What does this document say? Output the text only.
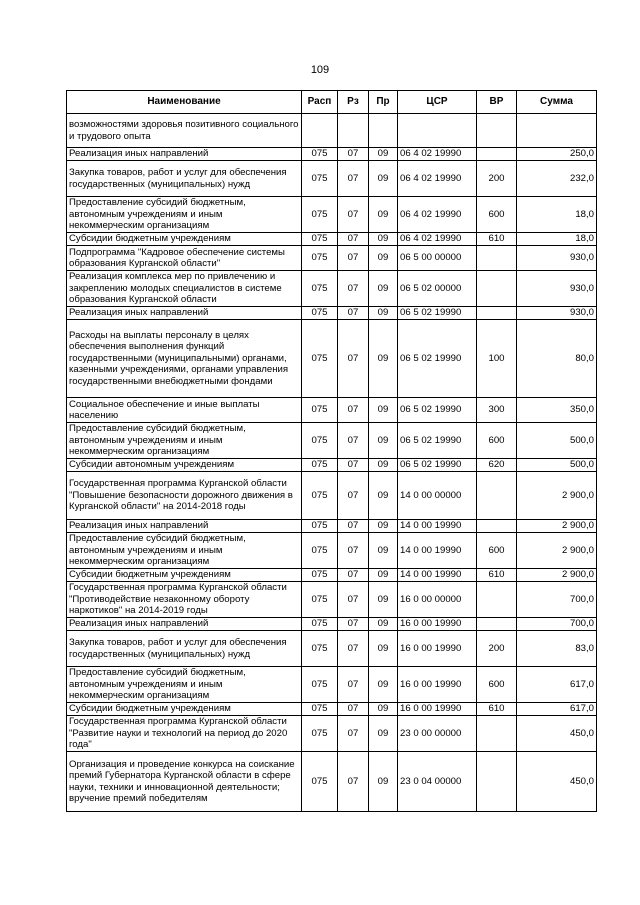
109
Наименование	Расп	Рз	Пр	ЦСР	ВР	Сумма
возможностями здоровья позитивного социального и трудового опыта						
Реализация иных направлений	075	07	09	06 4 02 19990		250,0
Закупка товаров, работ и услуг для обеспечения государственных (муниципальных) нужд	075	07	09	06 4 02 19990	200	232,0
Предоставление субсидий бюджетным, автономным учреждениям и иным некоммерческим организациям	075	07	09	06 4 02 19990	600	18,0
Субсидии бюджетным учреждениям	075	07	09	06 4 02 19990	610	18,0
Подпрограмма "Кадровое обеспечение системы образования Курганской области"	075	07	09	06 5 00 00000		930,0
Реализация комплекса мер по привлечению и закреплению молодых специалистов в системе образования Курганской области	075	07	09	06 5 02 00000		930,0
Реализация иных направлений	075	07	09	06 5 02 19990		930,0
Расходы на выплаты персоналу в целях обеспечения выполнения функций государственными (муниципальными) органами, казенными учреждениями, органами управления государственными внебюджетными фондами	075	07	09	06 5 02 19990	100	80,0
Социальное обеспечение и иные выплаты населению	075	07	09	06 5 02 19990	300	350,0
Предоставление субсидий бюджетным, автономным учреждениям и иным некоммерческим организациям	075	07	09	06 5 02 19990	600	500,0
Субсидии автономным учреждениям	075	07	09	06 5 02 19990	620	500,0
Государственная программа Курганской области "Повышение безопасности дорожного движения в Курганской области" на 2014-2018 годы	075	07	09	14 0 00 00000		2 900,0
Реализация иных направлений	075	07	09	14 0 00 19990		2 900,0
Предоставление субсидий бюджетным, автономным учреждениям и иным некоммерческим организациям	075	07	09	14 0 00 19990	600	2 900,0
Субсидии бюджетным учреждениям	075	07	09	14 0 00 19990	610	2 900,0
Государственная программа Курганской области "Противодействие незаконному обороту наркотиков" на 2014-2019 годы	075	07	09	16 0 00 00000		700,0
Реализация иных направлений	075	07	09	16 0 00 19990		700,0
Закупка товаров, работ и услуг для обеспечения государственных (муниципальных) нужд	075	07	09	16 0 00 19990	200	83,0
Предоставление субсидий бюджетным, автономным учреждениям и иным некоммерческим организациям	075	07	09	16 0 00 19990	600	617,0
Субсидии бюджетным учреждениям	075	07	09	16 0 00 19990	610	617,0
Государственная программа Курганской области "Развитие науки и технологий на период до 2020 года"	075	07	09	23 0 00 00000		450,0
Организация и проведение конкурса на соискание премий Губернатора Курганской области в сфере науки, техники и инновационной деятельности; вручение премий победителям	075	07	09	23 0 04 00000		450,0
